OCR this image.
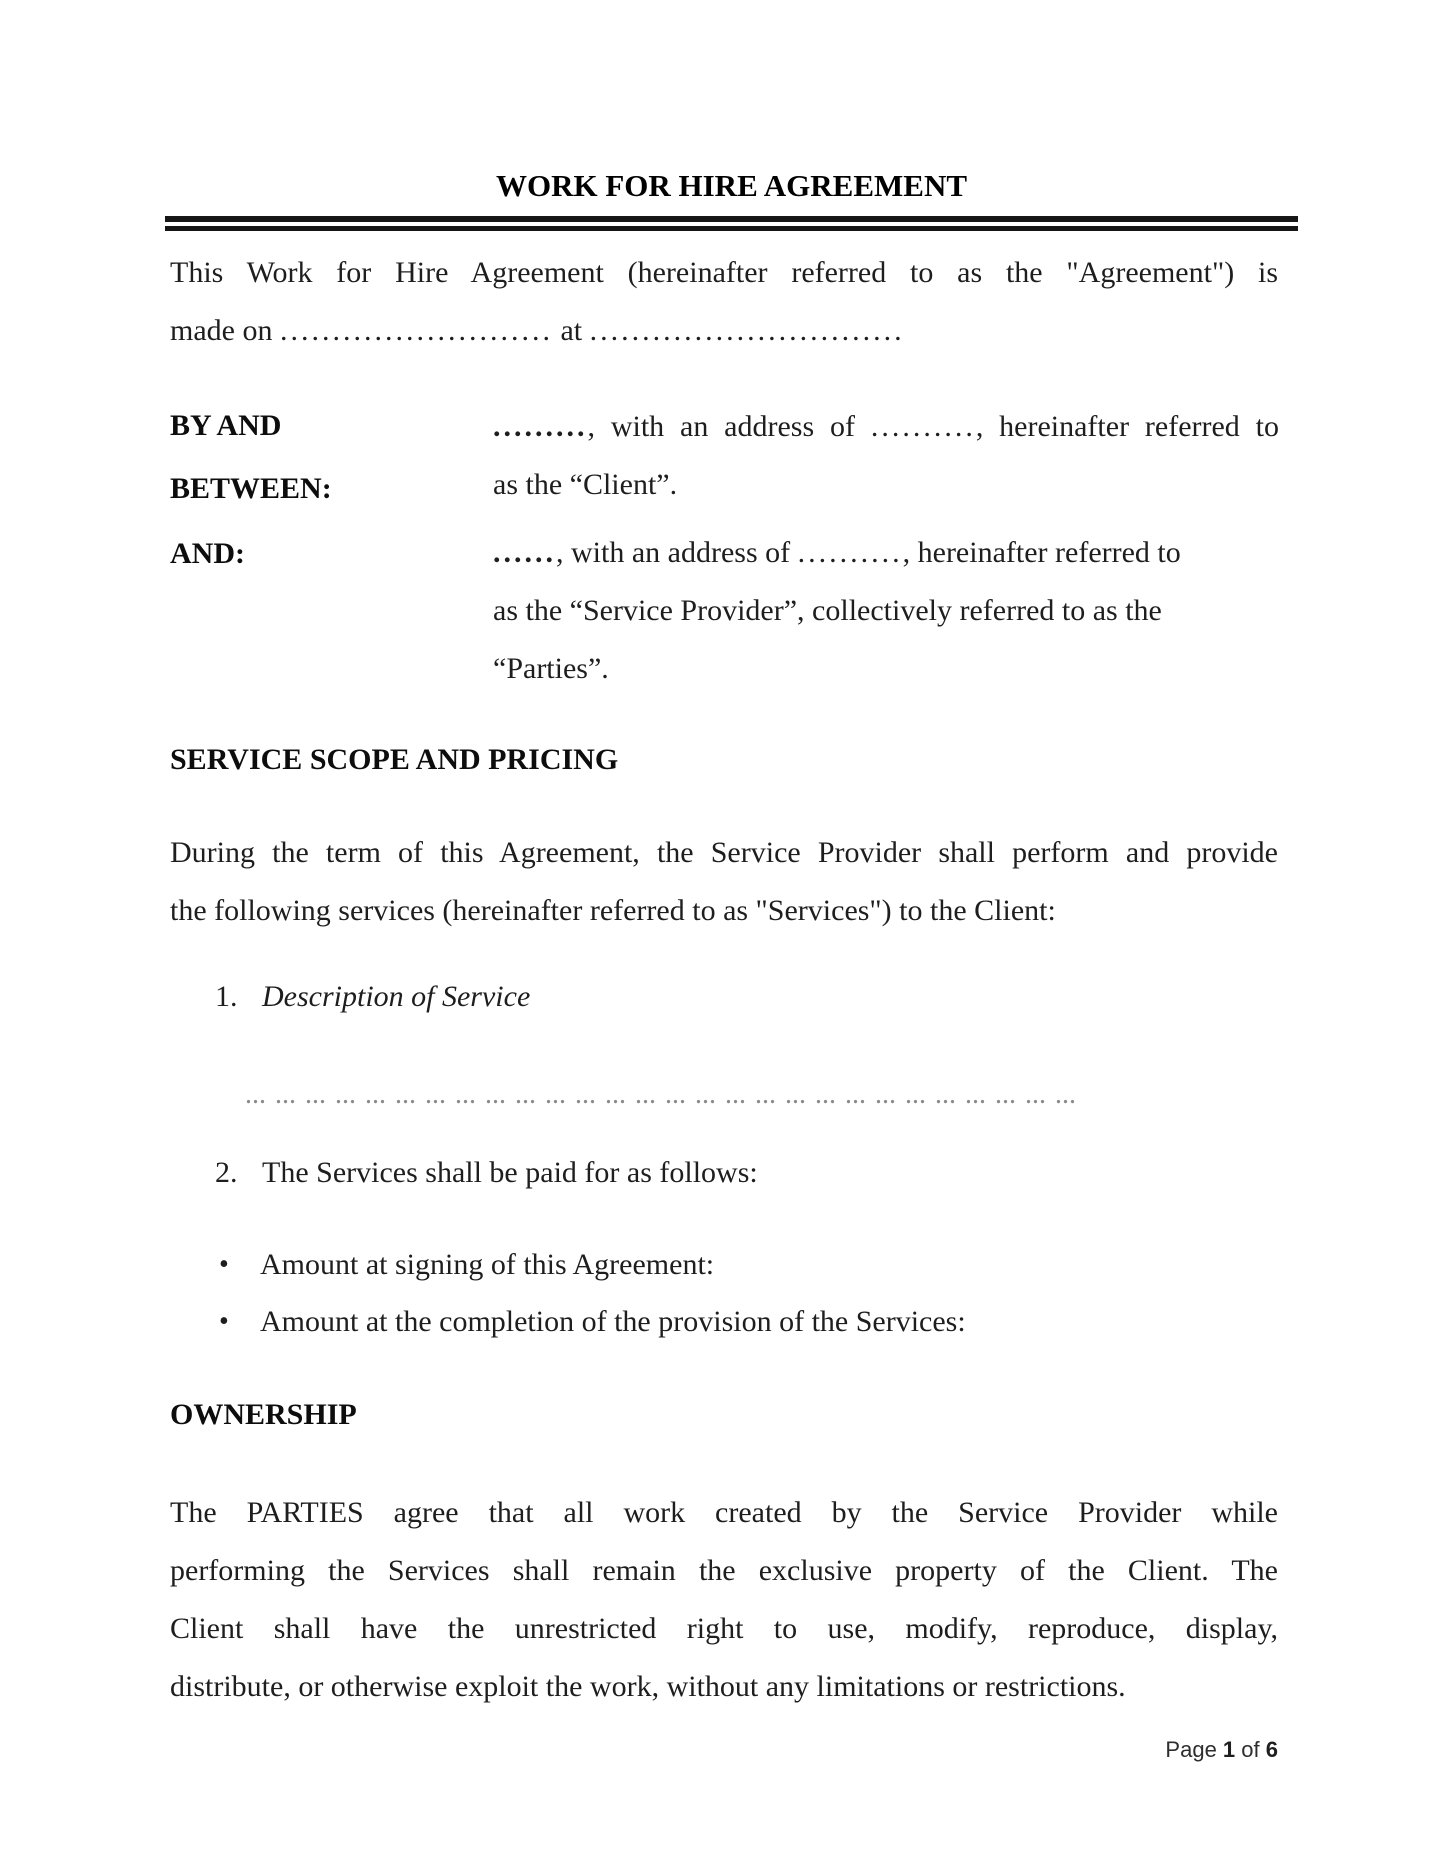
WORK FOR HIRE AGREEMENT
This Work for Hire Agreement (hereinafter referred to as the "Agreement") is
made on .......................... at ..............................
BY AND
BETWEEN:
AND:
........., with an address of .........., hereinafter referred to
as the “Client”.
......, with an address of .........., hereinafter referred to
as the “Service Provider”, collectively referred to as the
“Parties”.
SERVICE SCOPE AND PRICING
During the term of this Agreement, the Service Provider shall perform and provide
the following services (hereinafter referred to as "Services") to the Client:
1. Description of Service
... ... ... ... ... ... ... ... ... ... ... ... ... ... ... ... ... ... ... ... ... ... ... ... ... ... ... ...
2. The Services shall be paid for as follows:
• Amount at signing of this Agreement:
• Amount at the completion of the provision of the Services:
OWNERSHIP
The PARTIES agree that all work created by the Service Provider while
performing the Services shall remain the exclusive property of the Client. The
Client shall have the unrestricted right to use, modify, reproduce, display,
distribute, or otherwise exploit the work, without any limitations or restrictions.
Page 1 of 6
